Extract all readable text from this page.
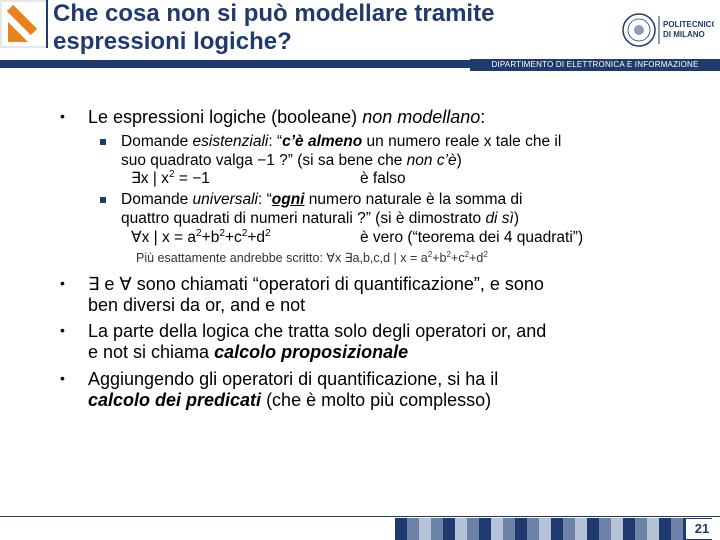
Che cosa non si può modellare tramite
espressioni logiche?
POLITECNICO
DI MILANO
DIPARTIMENTO DI ELETTRONICA E INFORMAZIONE
• Le espressioni logiche (booleane) non modellano:
Domande esistenziali: “c’è almeno un numero reale x tale che il
suo quadrato valga −1 ?” (si sa bene che non c’è)
∃x | $x^2 = -1$	è falso
Domande universali: “ogni numero naturale è la somma di
quattro quadrati di numeri naturali ?” (si è dimostrato di sì)
∀x | $x = a^2+b^2+c^2+d^2$	è vero (“teorema dei 4 quadrati”)
Più esattamente andrebbe scritto: ∀x ∃a,b,c,d | $x = a^2+b^2+c^2+d^2$
• ∃ e ∀ sono chiamati “operatori di quantificazione”, e sono
ben diversi da or, and e not
• La parte della logica che tratta solo degli operatori or, and
e not si chiama calcolo proposizionale
• Aggiungendo gli operatori di quantificazione, si ha il
calcolo dei predicati (che è molto più complesso)
21
